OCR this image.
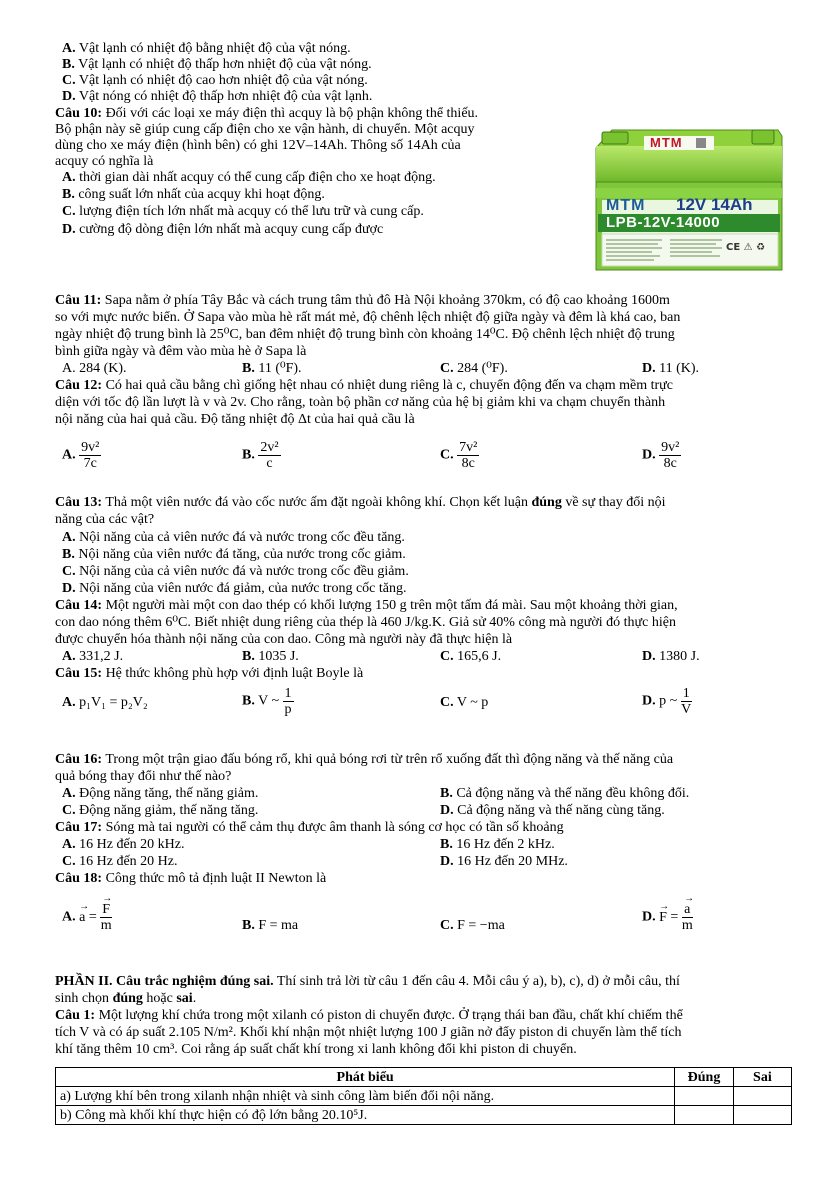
A. Vật lạnh có nhiệt độ bằng nhiệt độ của vật nóng.
B. Vật lạnh có nhiệt độ thấp hơn nhiệt độ của vật nóng.
C. Vật lạnh có nhiệt độ cao hơn nhiệt độ của vật nóng.
D. Vật nóng có nhiệt độ thấp hơn nhiệt độ của vật lạnh.
Câu 10: Đối với các loại xe máy điện thì acquy là bộ phận không thể thiếu.
Bộ phận này sẽ giúp cung cấp điện cho xe vận hành, di chuyển. Một acquy
dùng cho xe máy điện (hình bên) có ghi 12V–14Ah. Thông số 14Ah của
acquy có nghĩa là
A. thời gian dài nhất acquy có thể cung cấp điện cho xe hoạt động.
B. công suất lớn nhất của acquy khi hoạt động.
C. lượng điện tích lớn nhất mà acquy có thể lưu trữ và cung cấp.
D. cường độ dòng điện lớn nhất mà acquy cung cấp được
MTM
MTM 12V 14Ah
LPB-12V-14000
CE ⚠ ♻
Câu 11: Sapa nằm ở phía Tây Bắc và cách trung tâm thủ đô Hà Nội khoảng 370km, có độ cao khoảng 1600m
so với mực nước biển. Ở Sapa vào mùa hè rất mát mẻ, độ chênh lệch nhiệt độ giữa ngày và đêm là khá cao, ban
ngày nhiệt độ trung bình là 25⁰C, ban đêm nhiệt độ trung bình còn khoảng 14⁰C. Độ chênh lệch nhiệt độ trung
bình giữa ngày và đêm vào mùa hè ở Sapa là
A. 284 (K).	B. 11 (⁰F).	C. 284 (⁰F).	D. 11 (K).
Câu 12: Có hai quả cầu bằng chì giống hệt nhau có nhiệt dung riêng là c, chuyển động đến va chạm mềm trực
diện với tốc độ lần lượt là v và 2v. Cho rằng, toàn bộ phần cơ năng của hệ bị giảm khi va chạm chuyển thành
nội năng của hai quả cầu. Độ tăng nhiệt độ Δt của hai quả cầu là
A. $\frac{\text{9v²}}{7c}$	B. $\frac{\text{2v²}}{c}$	C. $\frac{\text{7v²}}{8c}$	D. $\frac{\text{9v²}}{8c}$
Câu 13: Thả một viên nước đá vào cốc nước ấm đặt ngoài không khí. Chọn kết luận đúng về sự thay đổi nội
năng của các vật?
A. Nội năng của cả viên nước đá và nước trong cốc đều tăng.
B. Nội năng của viên nước đá tăng, của nước trong cốc giảm.
C. Nội năng của cả viên nước đá và nước trong cốc đều giảm.
D. Nội năng của viên nước đá giảm, của nước trong cốc tăng.
Câu 14: Một người mài một con dao thép có khối lượng 150 g trên một tấm đá mài. Sau một khoảng thời gian,
con dao nóng thêm 6⁰C. Biết nhiệt dung riêng của thép là 460 J/kg.K. Giả sử 40% công mà người đó thực hiện
được chuyển hóa thành nội năng của con dao. Công mà người này đã thực hiện là
A. 331,2 J.	B. 1035 J.	C. 165,6 J.	D. 1380 J.
Câu 15: Hệ thức không phù hợp với định luật Boyle là
A. p₁V₁ = p₂V₂	B. V ~ $\frac{1}{p}$	C. V ~ p	D. p ~ $\frac{1}{V}$
Câu 16: Trong một trận giao đấu bóng rổ, khi quả bóng rơi từ trên rổ xuống đất thì động năng và thế năng của
quả bóng thay đổi như thế nào?
A. Động năng tăng, thế năng giảm.	B. Cả động năng và thế năng đều không đổi.
C. Động năng giảm, thế năng tăng.	D. Cả động năng và thế năng cùng tăng.
Câu 17: Sóng mà tai người có thể cảm thụ được âm thanh là sóng cơ học có tần số khoảng
A. 16 Hz đến 20 kHz.	B. 16 Hz đến 2 kHz.
C. 16 Hz đến 20 Hz.	D. 16 Hz đến 20 MHz.
Câu 18: Công thức mô tả định luật II Newton là
A. → a = → $\frac{F}{m}$	B. F = ma	C. F = −ma
D. → F = → $\frac{a}{m}$
PHẦN II. Câu trắc nghiệm đúng sai. Thí sinh trả lời từ câu 1 đến câu 4. Mỗi câu ý a), b), c), d) ở mỗi câu, thí
sinh chọn đúng hoặc sai.
Câu 1: Một lượng khí chứa trong một xilanh có piston di chuyển được. Ở trạng thái ban đầu, chất khí chiếm thể
tích V và có áp suất 2.105 N/m². Khối khí nhận một nhiệt lượng 100 J giãn nở đẩy piston di chuyển làm thể tích
khí tăng thêm 10 cm³. Coi rằng áp suất chất khí trong xi lanh không đổi khi piston di chuyển.
Phát biểu	Đúng	Sai
a) Lượng khí bên trong xilanh nhận nhiệt và sinh công làm biến đổi nội năng.		
b) Công mà khối khí thực hiện có độ lớn bằng 20.10⁵J.		
